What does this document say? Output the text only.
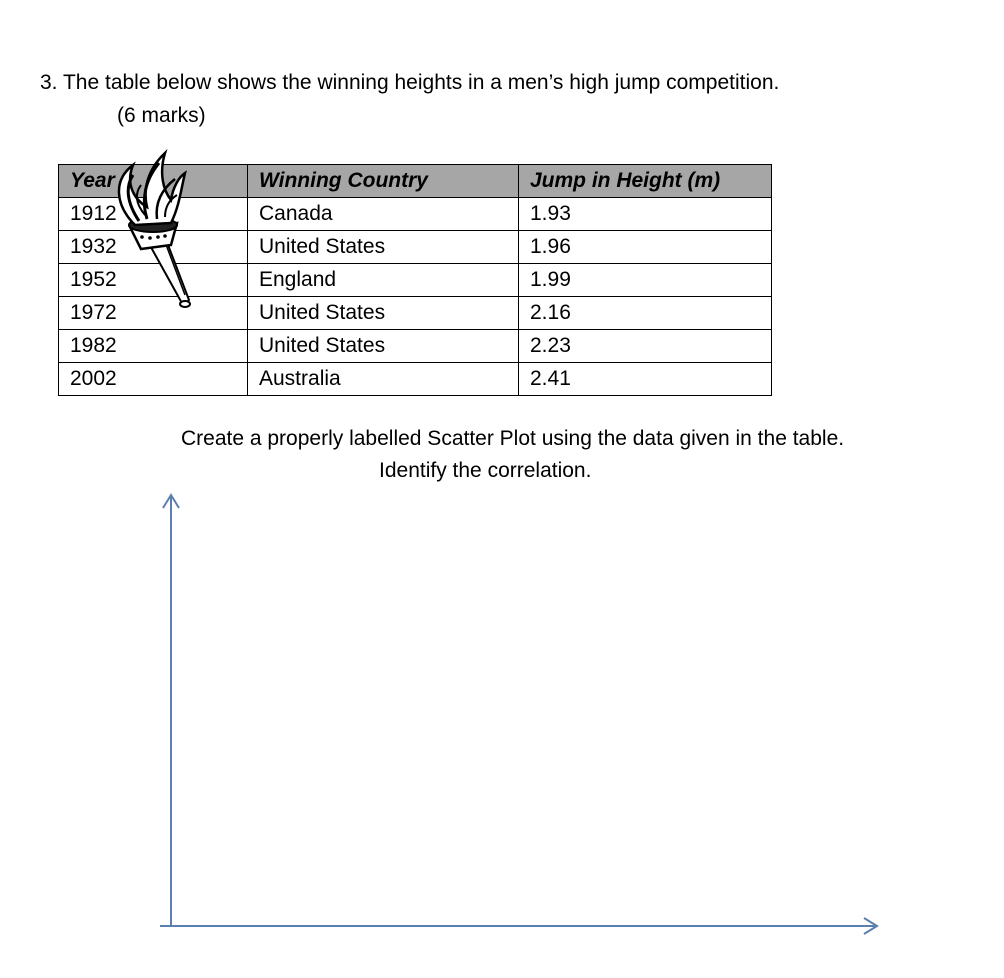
3. The table below shows the winning heights in a men’s high jump competition.
(6 marks)
Year	Winning Country	Jump in Height (m)
1912	Canada	1.93
1932	United States	1.96
1952	England	1.99
1972	United States	2.16
1982	United States	2.23
2002	Australia	2.41
Create a properly labelled Scatter Plot using the data given in the table.
Identify the correlation.
